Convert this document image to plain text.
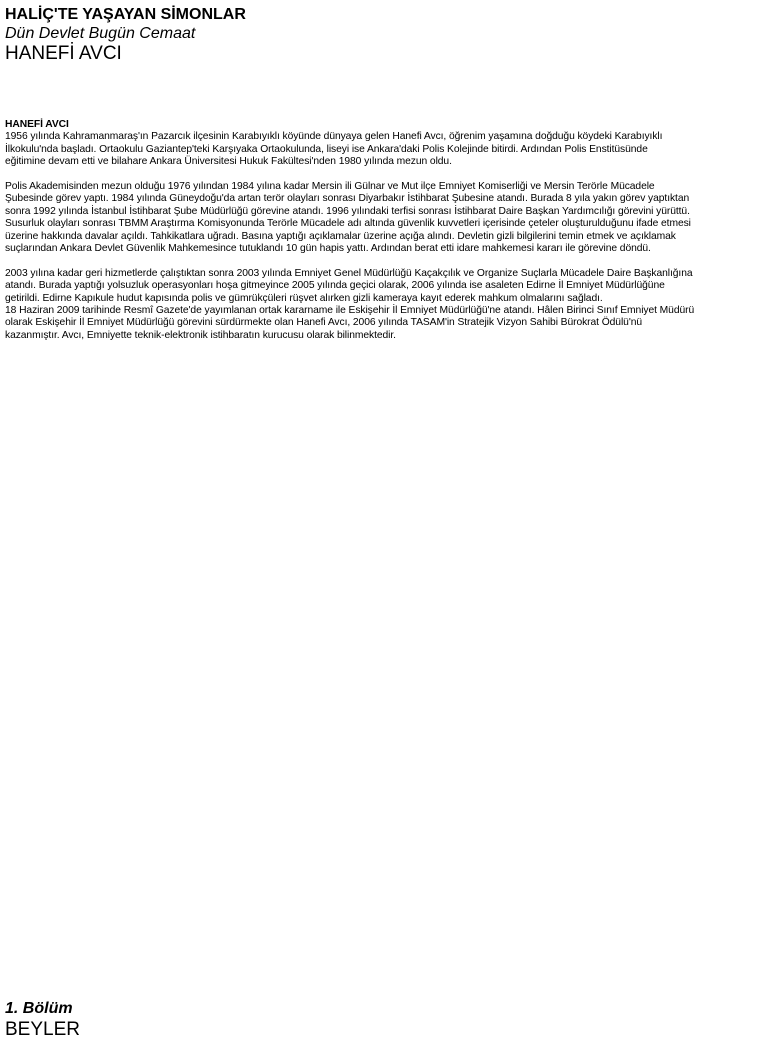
HALİÇ'TE YAŞAYAN SİMONLAR
Dün Devlet Bugün Cemaat
HANEFİ AVCI

HANEFİ AVCI

1956 yılında Kahramanmaraş'ın Pazarcık ilçesinin Karabıyıklı köyünde dünyaya gelen Hanefi Avcı, öğrenim yaşamına doğduğu köydeki Karabıyıklı

İlkokulu'nda başladı. Ortaokulu Gaziantep'teki Karşıyaka Ortaokulunda, liseyi ise Ankara'daki Polis Kolejinde bitirdi. Ardından Polis Enstitüsünde

eğitimine devam etti ve bilahare Ankara Üniversitesi Hukuk Fakültesi'nden 1980 yılında mezun oldu.

Polis Akademisinden mezun olduğu 1976 yılından 1984 yılına kadar Mersin ili Gülnar ve Mut ilçe Emniyet Komiserliği ve Mersin Terörle Mücadele

Şubesinde görev yaptı. 1984 yılında Güneydoğu'da artan terör olayları sonrası Diyarbakır İstihbarat Şubesine atandı. Burada 8 yıla yakın görev yaptıktan

sonra 1992 yılında İstanbul İstihbarat Şube Müdürlüğü görevine atandı. 1996 yılındaki terfisi sonrası İstihbarat Daire Başkan Yardımcılığı görevini yürüttü.

Susurluk olayları sonrası TBMM Araştırma Komisyonunda Terörle Mücadele adı altında güvenlik kuvvetleri içerisinde çeteler oluşturulduğunu ifade etmesi

üzerine hakkında davalar açıldı. Tahkikatlara uğradı. Basına yaptığı açıklamalar üzerine açığa alındı. Devletin gizli bilgilerini temin etmek ve açıklamak

suçlarından Ankara Devlet Güvenlik Mahkemesince tutuklandı 10 gün hapis yattı. Ardından berat etti idare mahkemesi kararı ile görevine döndü.

2003 yılına kadar geri hizmetlerde çalıştıktan sonra 2003 yılında Emniyet Genel Müdürlüğü Kaçakçılık ve Organize Suçlarla Mücadele Daire Başkanlığına

atandı. Burada yaptığı yolsuzluk operasyonları hoşa gitmeyince 2005 yılında geçici olarak, 2006 yılında ise asaleten Edirne İl Emniyet Müdürlüğüne

getirildi. Edirne Kapıkule hudut kapısında polis ve gümrükçüleri rüşvet alırken gizli kameraya kayıt ederek mahkum olmalarını sağladı.

18 Haziran 2009 tarihinde Resmî Gazete'de yayımlanan ortak kararname ile Eskişehir İl Emniyet Müdürlüğü'ne atandı. Hâlen Birinci Sınıf Emniyet Müdürü

olarak Eskişehir İl Emniyet Müdürlüğü görevini sürdürmekte olan Hanefi Avcı, 2006 yılında TASAM'in Stratejik Vizyon Sahibi Bürokrat Ödülü'nü

kazanmıştır. Avcı, Emniyette teknik-elektronik istihbaratın kurucusu olarak bilinmektedir.

1. Bölüm
BEYLER
